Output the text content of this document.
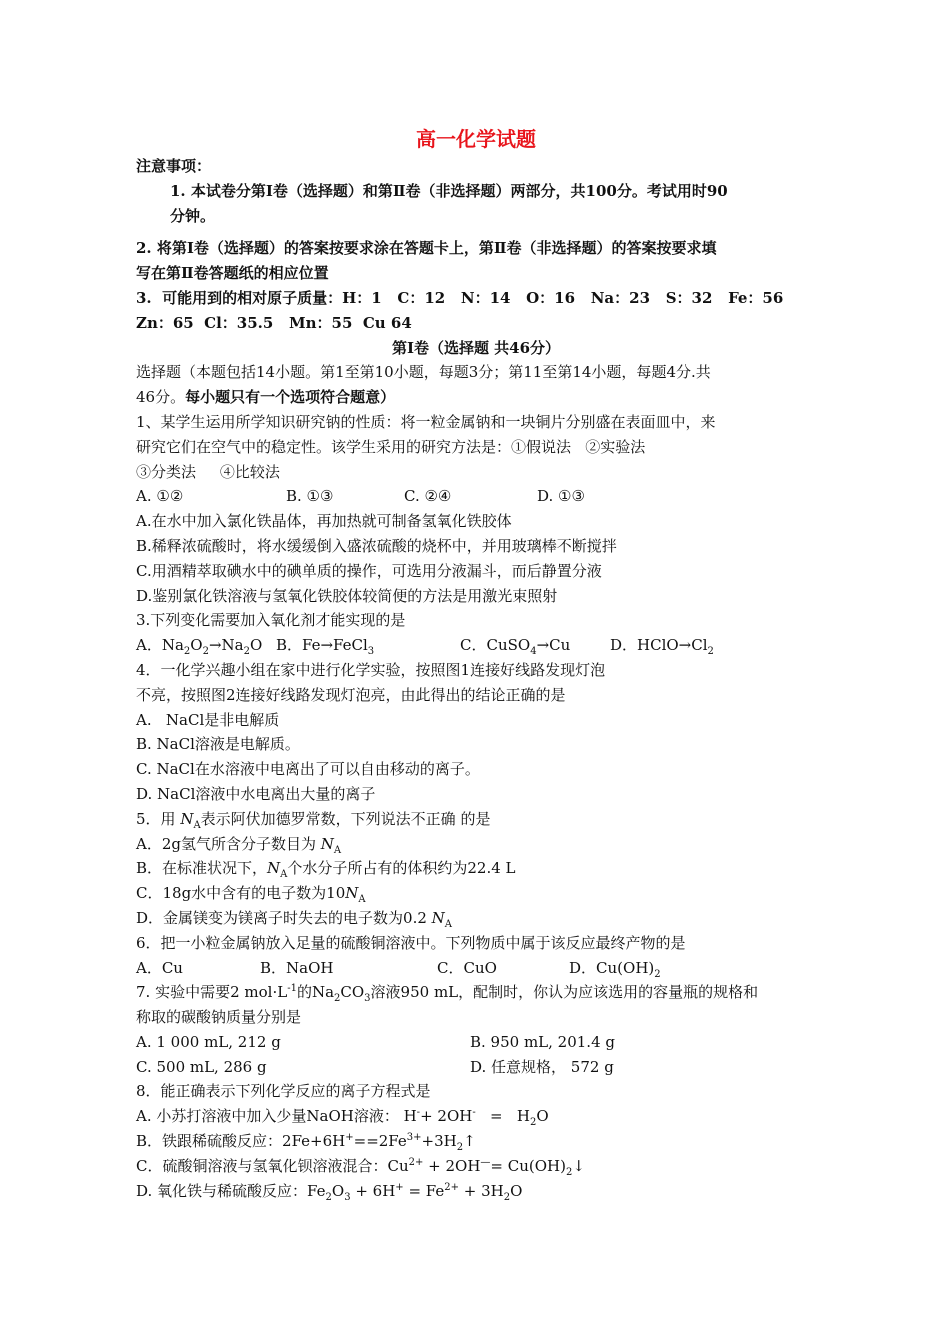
高一化学试题
注意事项：
1. 本试卷分第Ⅰ卷（选择题）和第Ⅱ卷（非选择题）两部分，共100分。考试用时90
分钟。
2. 将第Ⅰ卷（选择题）的答案按要求涂在答题卡上，第Ⅱ卷（非选择题）的答案按要求填
写在第Ⅱ卷答题纸的相应位置
3.  可能用到的相对原子质量：H：1   C：12   N：14   O：16   Na：23   S：32   Fe：56
Zn：65  Cl：35.5   Mn：55  Cu 64
第Ⅰ卷（选择题 共46分）
选择题（本题包括14小题。第1至第10小题，每题3分；第11至第14小题，每题4分.共
46分。每小题只有一个选项符合题意）
1、某学生运用所学知识研究钠的性质：将一粒金属钠和一块铜片分别盛在表面皿中，来
研究它们在空气中的稳定性。该学生采用的研究方法是：①假说法   ②实验法
③分类法     ④比较法
A. ①②	B. ①③	C. ②④	D. ①③
A.在水中加入氯化铁晶体，再加热就可制备氢氧化铁胶体
B.稀释浓硫酸时，将水缓缓倒入盛浓硫酸的烧杯中，并用玻璃棒不断搅拌
C.用酒精萃取碘水中的碘单质的操作，可选用分液漏斗，而后静置分液
D.鉴别氯化铁溶液与氢氧化铁胶体较简便的方法是用激光束照射
3.下列变化需要加入氧化剂才能实现的是
A．$Na_2O_2\to Na_2O$ B．Fe→FeCl$_3$	C．CuSO$_4$→Cu	D．$HClO\to Cl_2$
4．一化学兴趣小组在家中进行化学实验，按照图1连接好线路发现灯泡
不亮，按照图2连接好线路发现灯泡亮，由此得出的结论正确的是
A.   NaCl是非电解质
B. NaCl溶液是电解质。
C. NaCl在水溶液中电离出了可以自由移动的离子。
D. NaCl溶液中水电离出大量的离子
5．用 $N_A$表示阿伏加德罗常数，下列说法不正确 的是
A．2g氢气所含分子数目为 $N_A$
B．在标准状况下，$N_A$个水分子所占有的体积约为22.4 L
C．18g水中含有的电子数为$10N_A$
D．金属镁变为镁离子时失去的电子数为0.2 $N_A$
6．把一小粒金属钠放入足量的硫酸铜溶液中。下列物质中属于该反应最终产物的是
A．Cu	B．NaOH	C．CuO	D．$Cu(OH)_2$
7. 实验中需要2 $mol\cdot L^{-1}$的$Na_2CO_3$溶液950 mL，配制时，你认为应该选用的容量瓶的规格和
称取的碳酸钠质量分别是
A. 1 000 mL, 212 g	B. 950 mL, 201.4 g
C. 500 mL, 286 g	D. 任意规格， 572 g
8．能正确表示下列化学反应的离子方程式是
A. 小苏打溶液中加入少量NaOH溶液： $H^-+ 2OH^- = H_2O$
B．铁跟稀硫酸反应：$2Fe+6H^+==2Fe^{3+}+3H_2↑$
C．硫酸铜溶液与氢氧化钡溶液混合：$Cu^{2+} + 2OH^—=$ $Cu(OH)_2↓$
D. 氧化铁与稀硫酸反应：$Fe_2O_3 + 6H^+ = Fe^{2+} + 3H_2O$
